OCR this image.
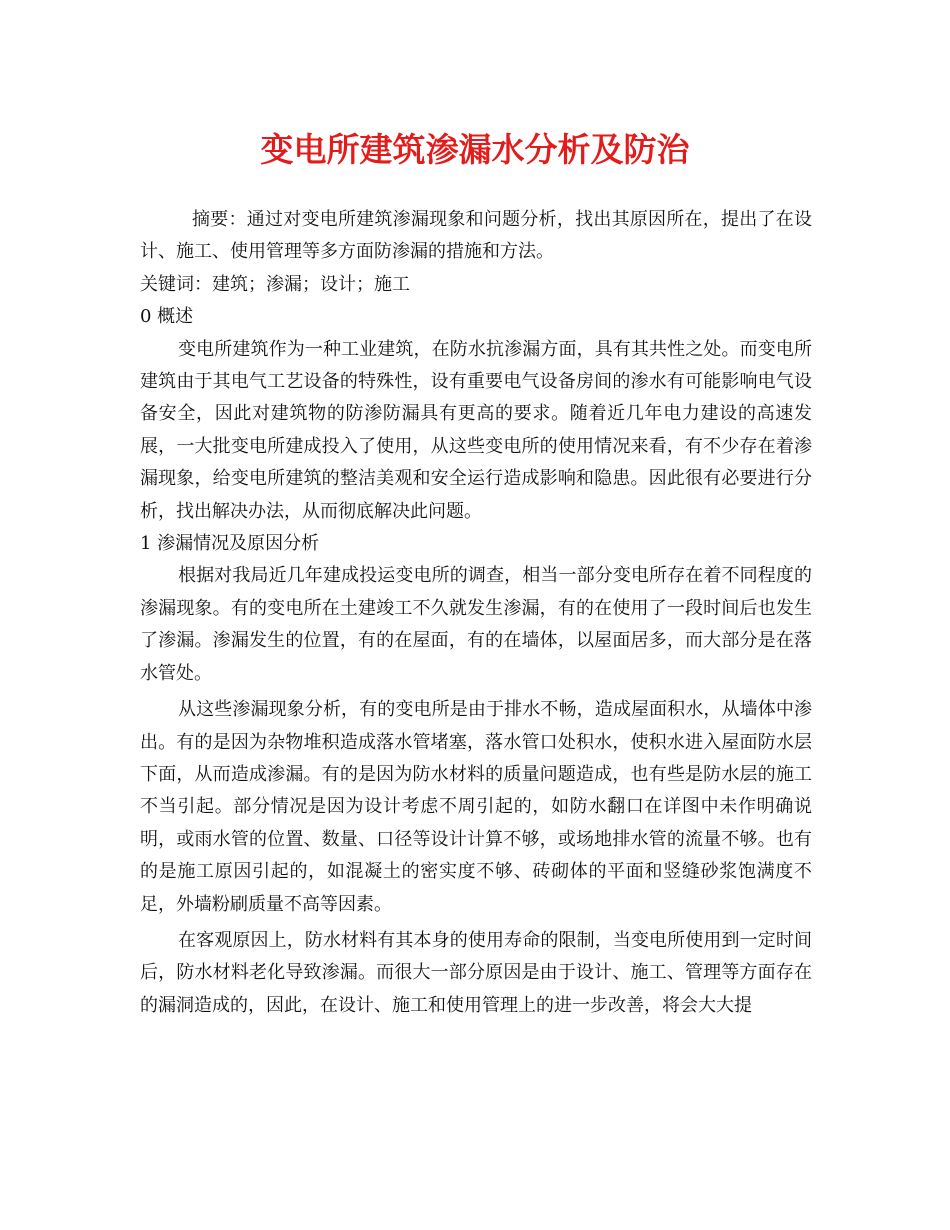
变电所建筑渗漏水分析及防治

摘要：通过对变电所建筑渗漏现象和问题分析，找出其原因所在，提出了在设计、施工、使用管理等多方面防渗漏的措施和方法。

关键词：建筑；渗漏；设计；施工

0 概述

变电所建筑作为一种工业建筑，在防水抗渗漏方面，具有其共性之处。而变电所建筑由于其电气工艺设备的特殊性，设有重要电气设备房间的渗水有可能影响电气设备安全，因此对建筑物的防渗防漏具有更高的要求。随着近几年电力建设的高速发展，一大批变电所建成投入了使用，从这些变电所的使用情况来看，有不少存在着渗漏现象，给变电所建筑的整洁美观和安全运行造成影响和隐患。因此很有必要进行分析，找出解决办法，从而彻底解决此问题。

1 渗漏情况及原因分析

根据对我局近几年建成投运变电所的调查，相当一部分变电所存在着不同程度的渗漏现象。有的变电所在土建竣工不久就发生渗漏，有的在使用了一段时间后也发生了渗漏。渗漏发生的位置，有的在屋面，有的在墙体，以屋面居多，而大部分是在落水管处。

从这些渗漏现象分析，有的变电所是由于排水不畅，造成屋面积水，从墙体中渗出。有的是因为杂物堆积造成落水管堵塞，落水管口处积水，使积水进入屋面防水层下面，从而造成渗漏。有的是因为防水材料的质量问题造成，也有些是防水层的施工不当引起。部分情况是因为设计考虑不周引起的，如防水翻口在详图中未作明确说明，或雨水管的位置、数量、口径等设计计算不够，或场地排水管的流量不够。也有的是施工原因引起的，如混凝土的密实度不够、砖砌体的平面和竖缝砂浆饱满度不足，外墙粉刷质量不高等因素。

在客观原因上，防水材料有其本身的使用寿命的限制，当变电所使用到一定时间后，防水材料老化导致渗漏。而很大一部分原因是由于设计、施工、管理等方面存在的漏洞造成的，因此，在设计、施工和使用管理上的进一步改善，将会大大提
